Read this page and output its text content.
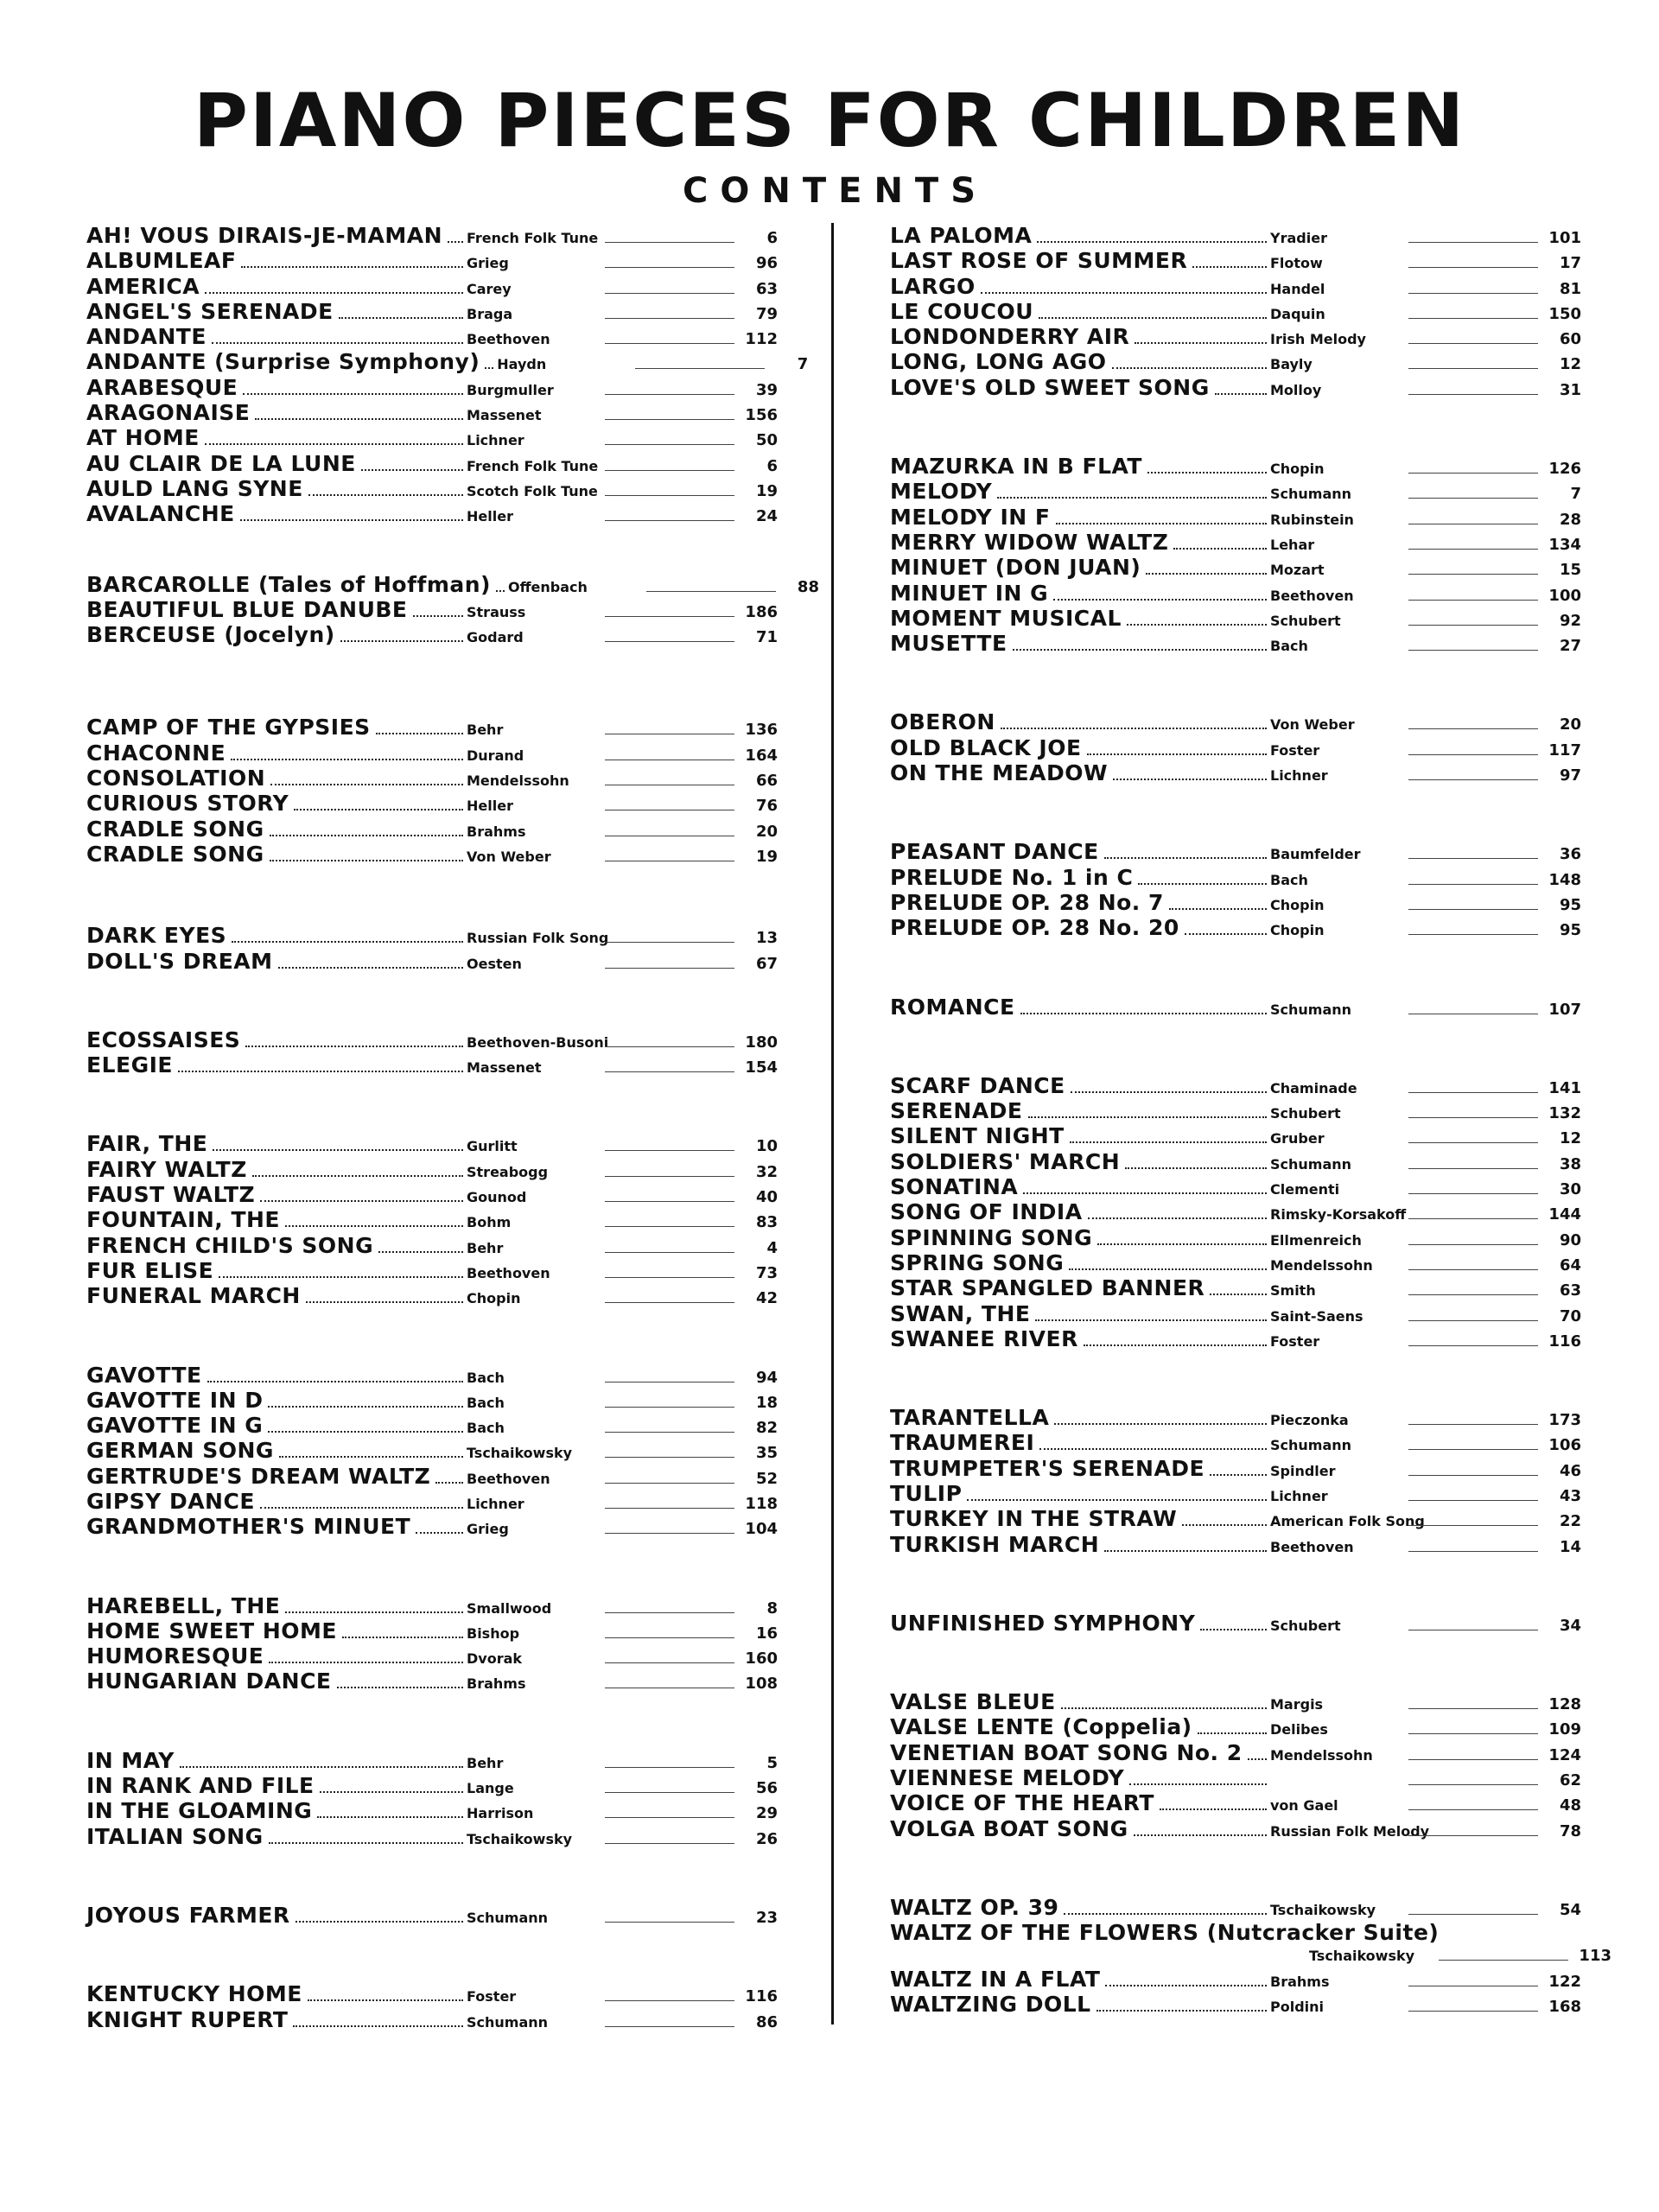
PIANO PIECES FOR CHILDREN
CONTENTS
AH! VOUS DIRAIS-JE-MAMAN French Folk Tune	6
ALBUMLEAF	Grieg	96
AMERICA	Carey	63
ANGEL'S SERENADE	Braga	79
ANDANTE	Beethoven	112
ANDANTE (Surprise Symphony) Haydn	7
ARABESQUE	Burgmuller	39
ARAGONAISE	Massenet	156
AT HOME	Lichner	50
AU CLAIR DE LA LUNE	French Folk Tune	6
AULD LANG SYNE	Scotch Folk Tune	19
AVALANCHE	Heller	24
BARCAROLLE (Tales of Hoffman) Offenbach	88
BEAUTIFUL BLUE DANUBE	Strauss	186
BERCEUSE (Jocelyn)	Godard	71
CAMP OF THE GYPSIES	Behr	136
CHACONNE	Durand	164
CONSOLATION	Mendelssohn	66
CURIOUS STORY	Heller	76
CRADLE SONG	Brahms	20
CRADLE SONG	Von Weber	19
DARK EYES	Russian Folk Song	13
DOLL'S DREAM	Oesten	67
ECOSSAISES	Beethoven-Busoni	180
ELEGIE	Massenet	154
FAIR, THE	Gurlitt	10
FAIRY WALTZ	Streabogg	32
FAUST WALTZ	Gounod	40
FOUNTAIN, THE	Bohm	83
FRENCH CHILD'S SONG	Behr	4
FUR ELISE	Beethoven	73
FUNERAL MARCH	Chopin	42
GAVOTTE	Bach	94
GAVOTTE IN D	Bach	18
GAVOTTE IN G	Bach	82
GERMAN SONG	Tschaikowsky	35
GERTRUDE'S DREAM WALTZ	Beethoven	52
GIPSY DANCE	Lichner	118
GRANDMOTHER'S MINUET	Grieg	104
HAREBELL, THE	Smallwood	8
HOME SWEET HOME	Bishop	16
HUMORESQUE	Dvorak	160
HUNGARIAN DANCE	Brahms	108
IN MAY	Behr	5
IN RANK AND FILE	Lange	56
IN THE GLOAMING	Harrison	29
ITALIAN SONG	Tschaikowsky	26
JOYOUS FARMER	Schumann	23
KENTUCKY HOME	Foster	116
KNIGHT RUPERT	Schumann	86
LA PALOMA	Yradier	101
LAST ROSE OF SUMMER	Flotow	17
LARGO	Handel	81
LE COUCOU	Daquin	150
LONDONDERRY AIR	Irish Melody	60
LONG, LONG AGO	Bayly	12
LOVE'S OLD SWEET SONG	Molloy	31
MAZURKA IN B FLAT	Chopin	126
MELODY	Schumann	7
MELODY IN F	Rubinstein	28
MERRY WIDOW WALTZ	Lehar	134
MINUET (DON JUAN)	Mozart	15
MINUET IN G	Beethoven	100
MOMENT MUSICAL	Schubert	92
MUSETTE	Bach	27
OBERON	Von Weber	20
OLD BLACK JOE	Foster	117
ON THE MEADOW	Lichner	97
PEASANT DANCE	Baumfelder	36
PRELUDE No. 1 in C	Bach	148
PRELUDE OP. 28 No. 7	Chopin	95
PRELUDE OP. 28 No. 20	Chopin	95
ROMANCE	Schumann	107
SCARF DANCE	Chaminade	141
SERENADE	Schubert	132
SILENT NIGHT	Gruber	12
SOLDIERS' MARCH	Schumann	38
SONATINA	Clementi	30
SONG OF INDIA	Rimsky-Korsakoff	144
SPINNING SONG	Ellmenreich	90
SPRING SONG	Mendelssohn	64
STAR SPANGLED BANNER	Smith	63
SWAN, THE	Saint-Saens	70
SWANEE RIVER	Foster	116
TARANTELLA	Pieczonka	173
TRAUMEREI	Schumann	106
TRUMPETER'S SERENADE	Spindler	46
TULIP	Lichner	43
TURKEY IN THE STRAW	American Folk Song	22
TURKISH MARCH	Beethoven	14
UNFINISHED SYMPHONY	Schubert	34
VALSE BLEUE	Margis	128
VALSE LENTE (Coppelia)	Delibes	109
VENETIAN BOAT SONG No. 2 Mendelssohn	124
VIENNESE MELODY	62
VOICE OF THE HEART	von Gael	48
VOLGA BOAT SONG	Russian Folk Melody	78
WALTZ OP. 39	Tschaikowsky	54
WALTZ OF THE FLOWERS (Nutcracker Suite)
Tschaikowsky	113
WALTZ IN A FLAT	Brahms	122
WALTZING DOLL	Poldini	168
